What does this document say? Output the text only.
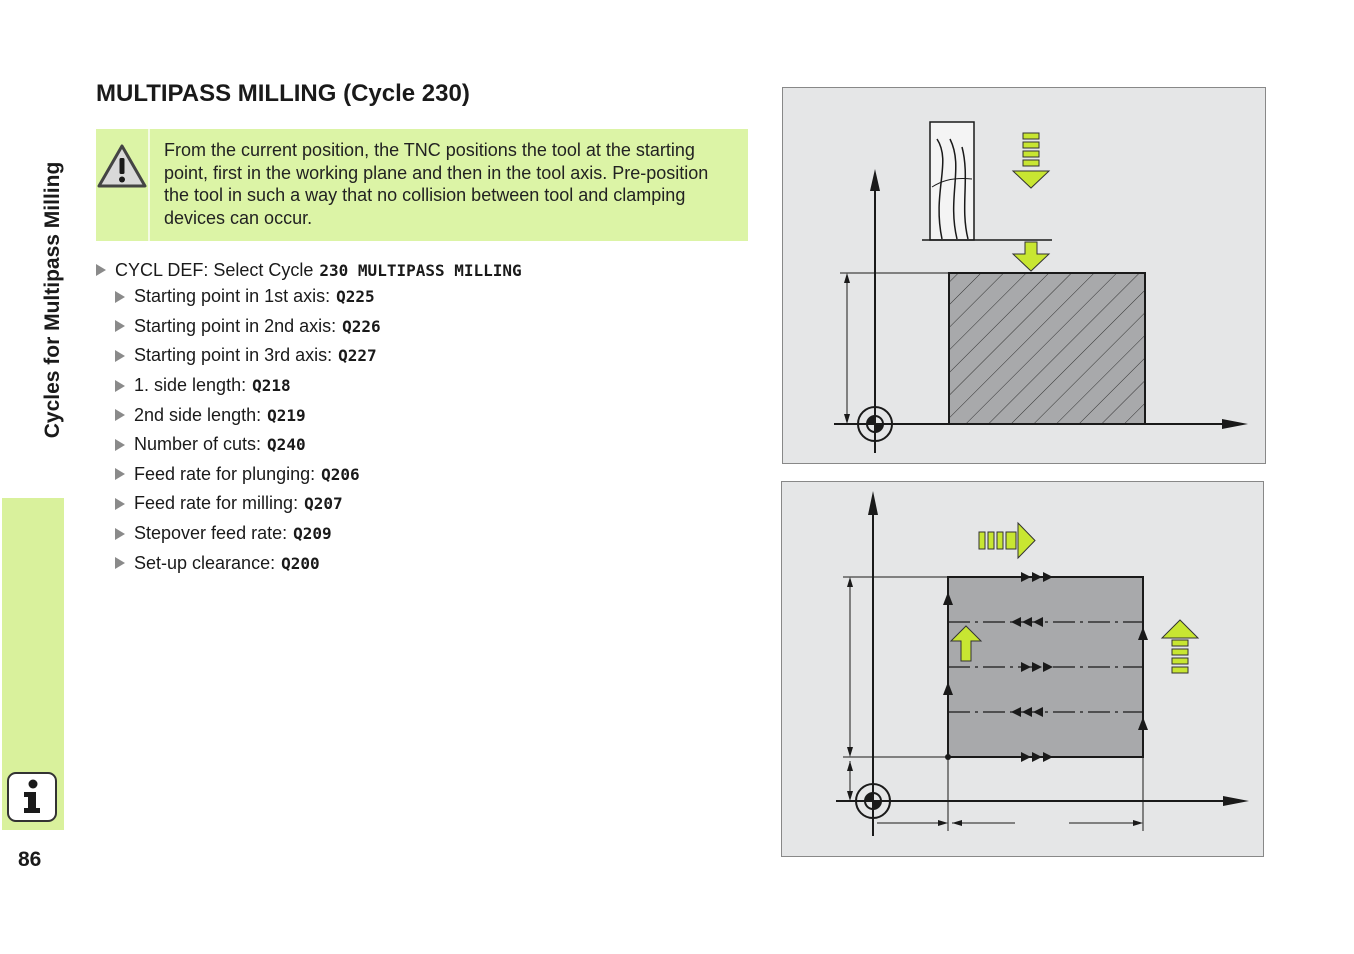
Cycles for Multipass Milling
86
MULTIPASS MILLING (Cycle 230)
From the current position, the TNC positions the tool at the starting point, first in the working plane and then in the tool axis. Pre-position the tool in such a way that no collision between tool and clamping devices can occur.
CYCL DEF: Select Cycle 230 MULTIPASS MILLING
Starting point in 1st axis: Q225
Starting point in 2nd axis: Q226
Starting point in 3rd axis: Q227
1. side length: Q218
2nd side length: Q219
Number of cuts: Q240
Feed rate for plunging: Q206
Feed rate for milling: Q207
Stepover feed rate: Q209
Set-up clearance: Q200
